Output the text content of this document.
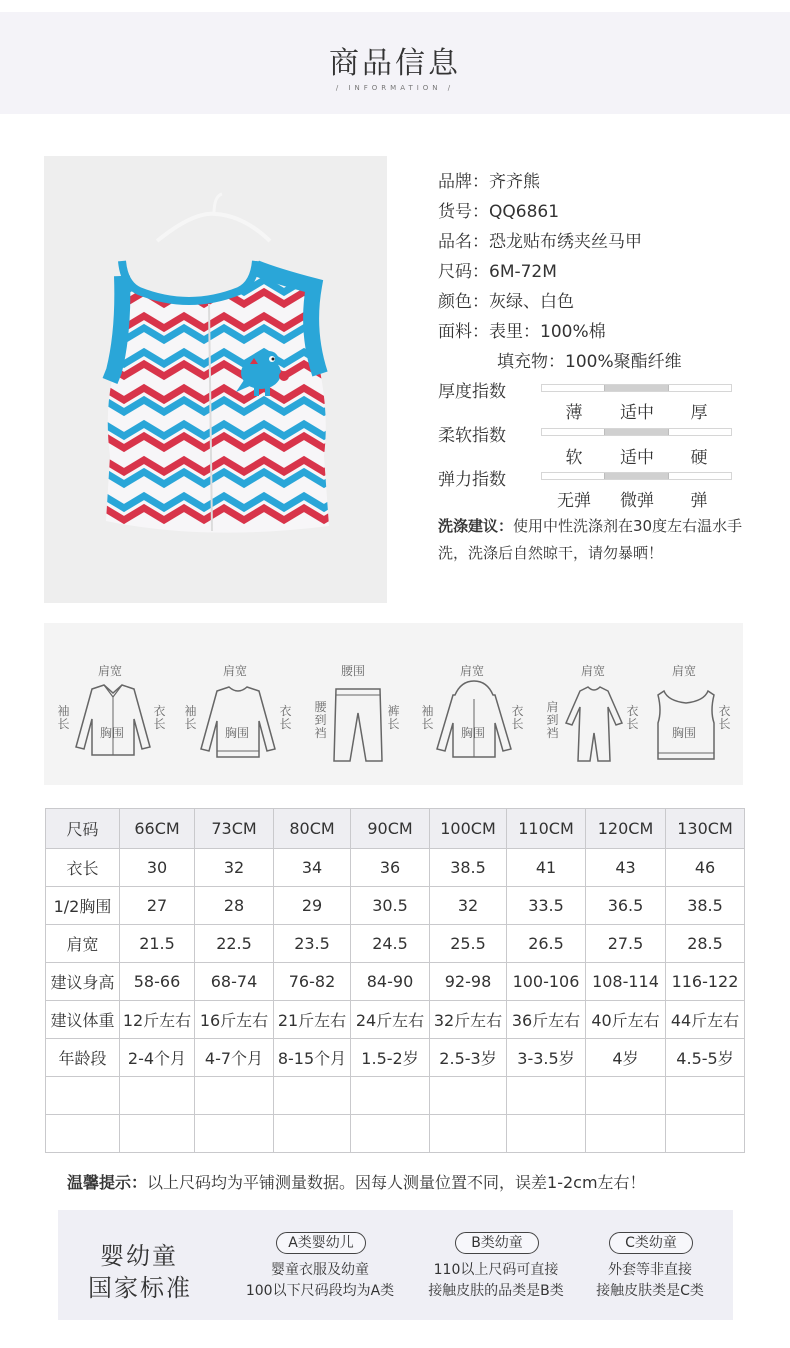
商品信息
/ INFORMATION /
品牌：齐齐熊
货号：QQ6861
品名：恐龙贴布绣夹丝马甲
尺码：6M-72M
颜色：灰绿、白色
面料：表里：100%棉
填充物：100%聚酯纤维
厚度指数
薄	适中	厚
柔软指数
软	适中	硬
弹力指数
无弹	微弹	弹
洗涤建议：使用中性洗涤剂在30度左右温水手洗，洗涤后自然晾干，请勿暴晒！
肩宽
袖长
衣长
胸围
肩宽
袖长
衣长
胸围
腰围
腰到裆
裤长
肩宽
袖长
衣长
胸围
肩宽
肩到裆
衣长
肩宽
衣长
胸围
尺码	66CM	73CM	80CM	90CM	100CM	110CM	120CM	130CM
衣长	30	32	34	36	38.5	41	43	46
1/2胸围	27	28	29	30.5	32	33.5	36.5	38.5
肩宽	21.5	22.5	23.5	24.5	25.5	26.5	27.5	28.5
建议身高	58-66	68-74	76-82	84-90	92-98	100-106	108-114	116-122
建议体重	12斤左右	16斤左右	21斤左右	24斤左右	32斤左右	36斤左右	40斤左右	44斤左右
年龄段	2-4个月	4-7个月	8-15个月	1.5-2岁	2.5-3岁	3-3.5岁	4岁	4.5-5岁

温馨提示：以上尺码均为平铺测量数据。因每人测量位置不同，误差1-2cm左右！
婴幼童
国家标准
A类婴幼儿
婴童衣服及幼童
100以下尺码段均为A类
B类幼童
110以上尺码可直接
接触皮肤的品类是B类
C类幼童
外套等非直接
接触皮肤类是C类
